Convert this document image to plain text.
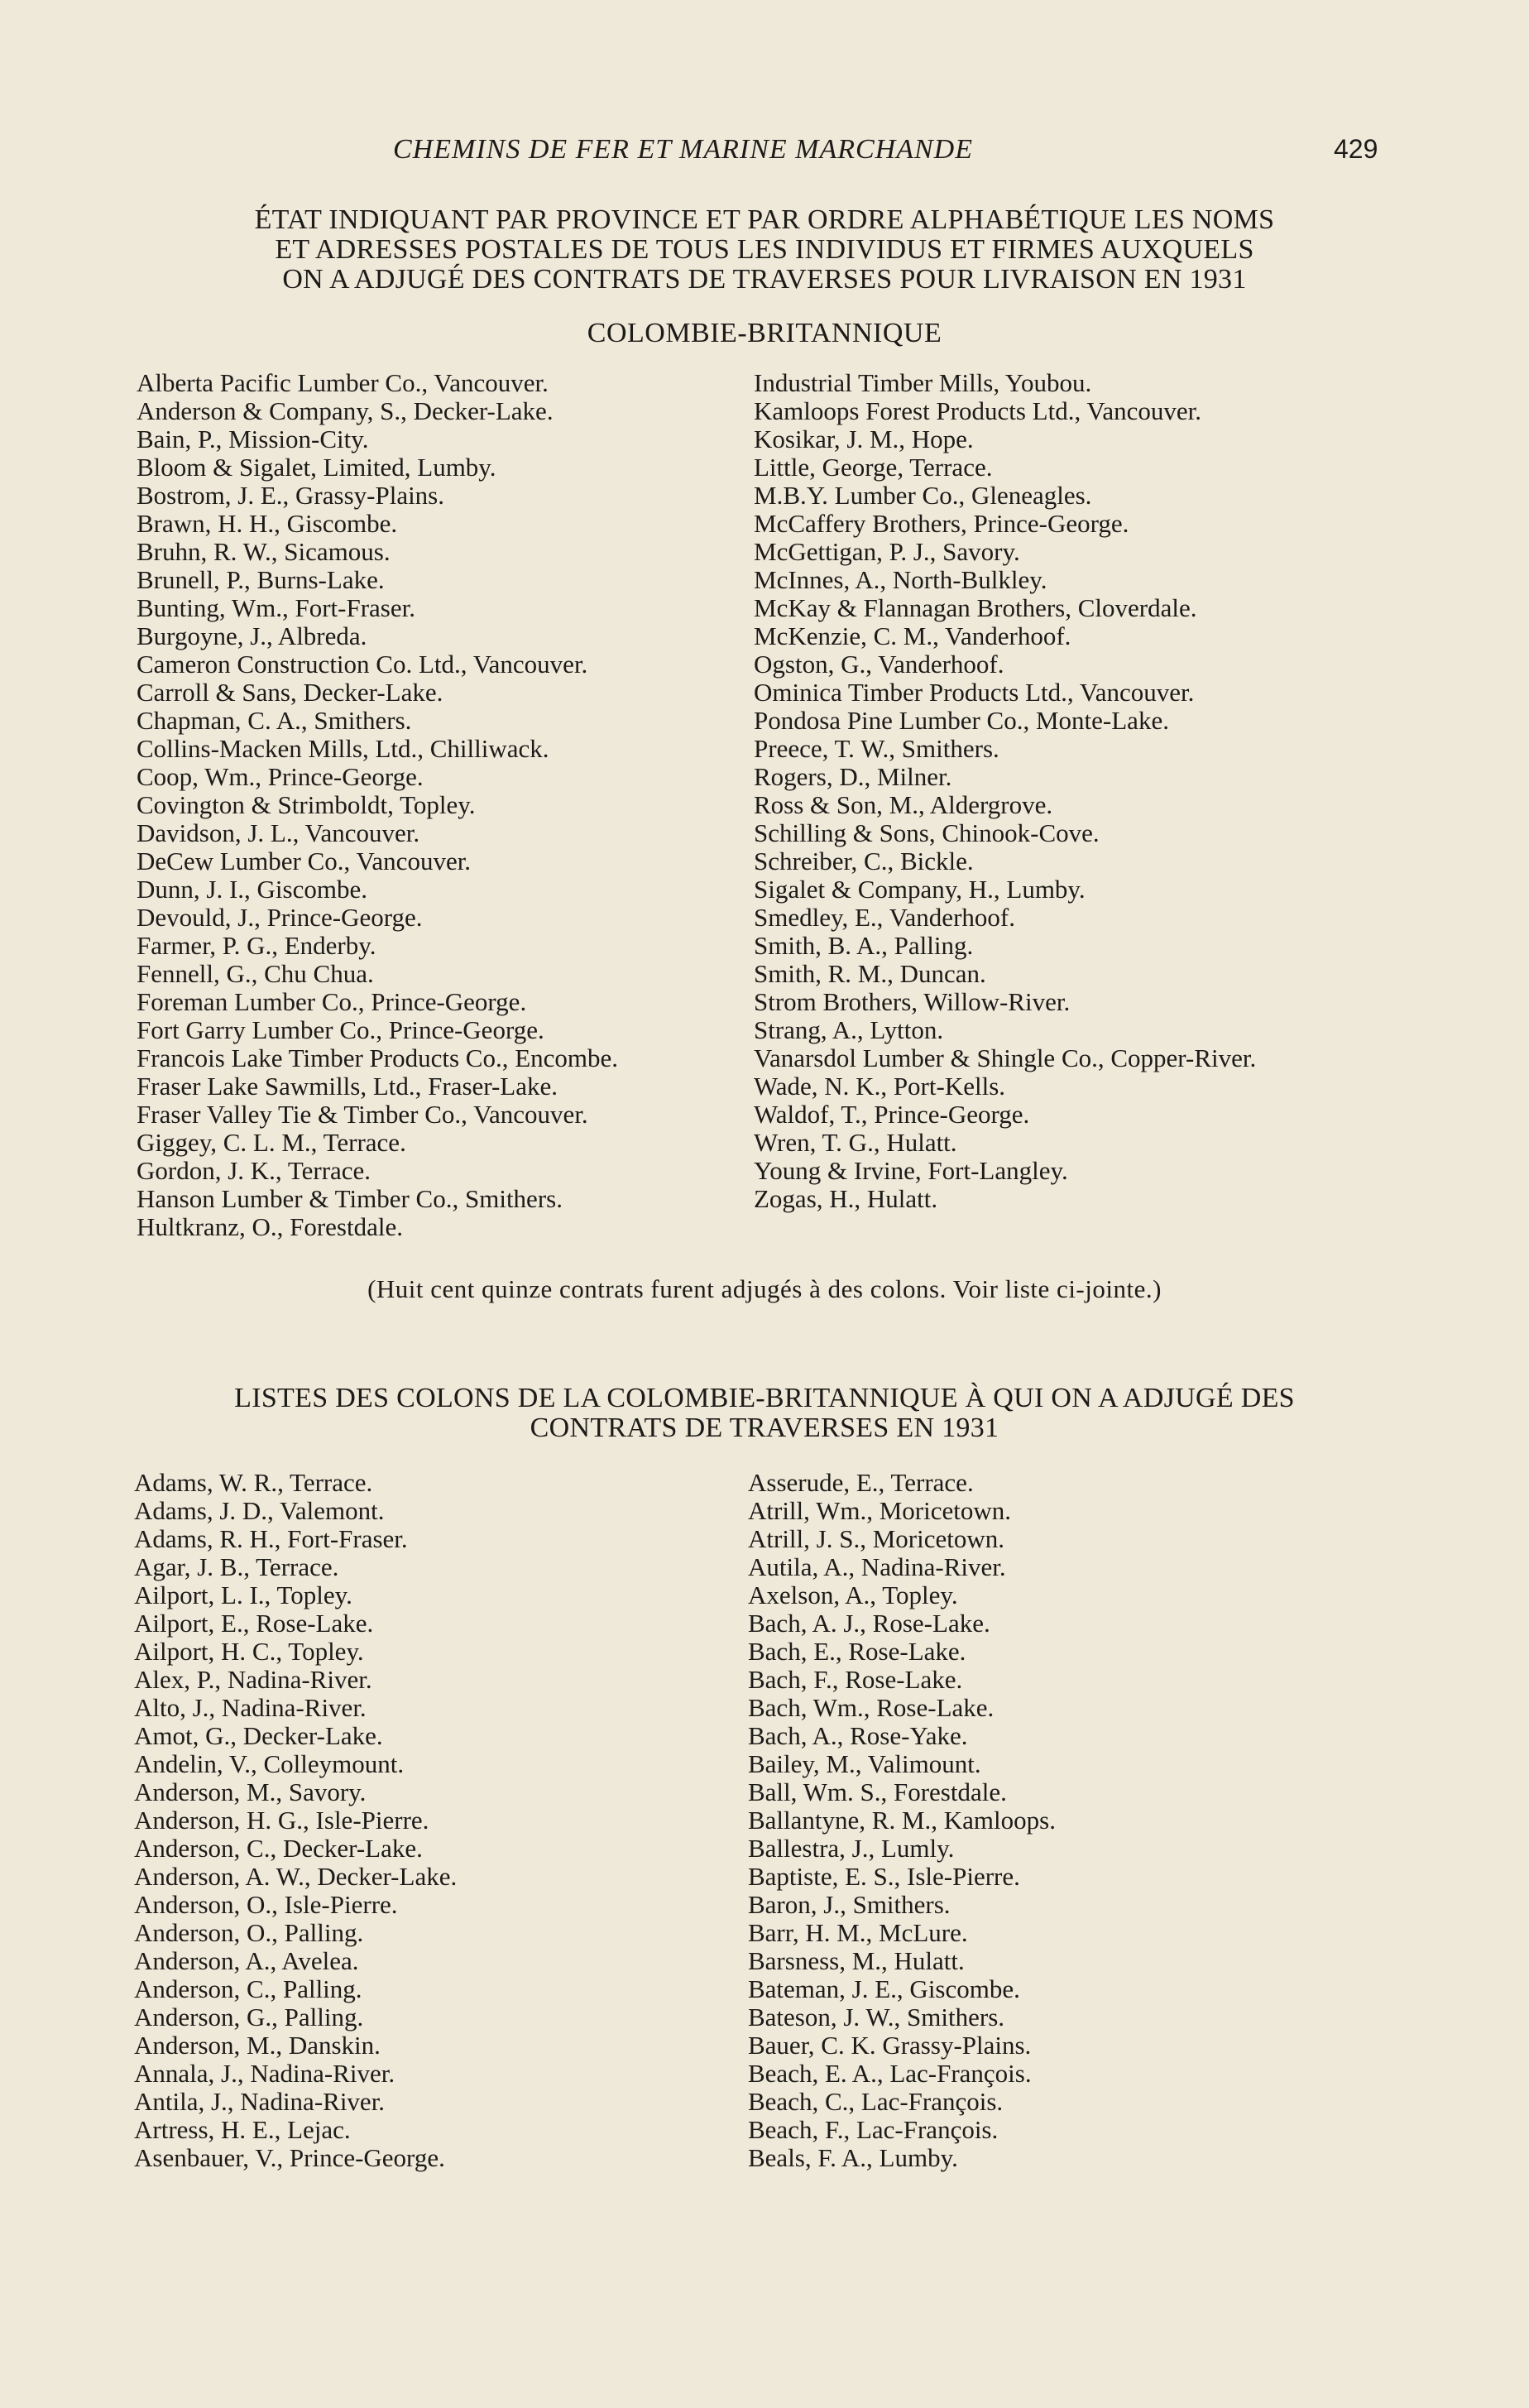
CHEMINS DE FER ET MARINE MARCHANDE	429
ÉTAT INDIQUANT PAR PROVINCE ET PAR ORDRE ALPHABÉTIQUE LES NOMS
ET ADRESSES POSTALES DE TOUS LES INDIVIDUS ET FIRMES AUXQUELS
ON A ADJUGÉ DES CONTRATS DE TRAVERSES POUR LIVRAISON EN 1931
COLOMBIE-BRITANNIQUE
Alberta Pacific Lumber Co., Vancouver.
Anderson & Company, S., Decker-Lake.
Bain, P., Mission-City.
Bloom & Sigalet, Limited, Lumby.
Bostrom, J. E., Grassy-Plains.
Brawn, H. H., Giscombe.
Bruhn, R. W., Sicamous.
Brunell, P., Burns-Lake.
Bunting, Wm., Fort-Fraser.
Burgoyne, J., Albreda.
Cameron Construction Co. Ltd., Vancouver.
Carroll & Sans, Decker-Lake.
Chapman, C. A., Smithers.
Collins-Macken Mills, Ltd., Chilliwack.
Coop, Wm., Prince-George.
Covington & Strimboldt, Topley.
Davidson, J. L., Vancouver.
DeCew Lumber Co., Vancouver.
Dunn, J. I., Giscombe.
Devould, J., Prince-George.
Farmer, P. G., Enderby.
Fennell, G., Chu Chua.
Foreman Lumber Co., Prince-George.
Fort Garry Lumber Co., Prince-George.
Francois Lake Timber Products Co., Encombe.
Fraser Lake Sawmills, Ltd., Fraser-Lake.
Fraser Valley Tie & Timber Co., Vancouver.
Giggey, C. L. M., Terrace.
Gordon, J. K., Terrace.
Hanson Lumber & Timber Co., Smithers.
Hultkranz, O., Forestdale.
Industrial Timber Mills, Youbou.
Kamloops Forest Products Ltd., Vancouver.
Kosikar, J. M., Hope.
Little, George, Terrace.
M.B.Y. Lumber Co., Gleneagles.
McCaffery Brothers, Prince-George.
McGettigan, P. J., Savory.
McInnes, A., North-Bulkley.
McKay & Flannagan Brothers, Cloverdale.
McKenzie, C. M., Vanderhoof.
Ogston, G., Vanderhoof.
Ominica Timber Products Ltd., Vancouver.
Pondosa Pine Lumber Co., Monte-Lake.
Preece, T. W., Smithers.
Rogers, D., Milner.
Ross & Son, M., Aldergrove.
Schilling & Sons, Chinook-Cove.
Schreiber, C., Bickle.
Sigalet & Company, H., Lumby.
Smedley, E., Vanderhoof.
Smith, B. A., Palling.
Smith, R. M., Duncan.
Strom Brothers, Willow-River.
Strang, A., Lytton.
Vanarsdol Lumber & Shingle Co., Copper-River.
Wade, N. K., Port-Kells.
Waldof, T., Prince-George.
Wren, T. G., Hulatt.
Young & Irvine, Fort-Langley.
Zogas, H., Hulatt.
(Huit cent quinze contrats furent adjugés à des colons. Voir liste ci-jointe.)
LISTES DES COLONS DE LA COLOMBIE-BRITANNIQUE À QUI ON A ADJUGÉ DES
CONTRATS DE TRAVERSES EN 1931
Adams, W. R., Terrace.
Adams, J. D., Valemont.
Adams, R. H., Fort-Fraser.
Agar, J. B., Terrace.
Ailport, L. I., Topley.
Ailport, E., Rose-Lake.
Ailport, H. C., Topley.
Alex, P., Nadina-River.
Alto, J., Nadina-River.
Amot, G., Decker-Lake.
Andelin, V., Colleymount.
Anderson, M., Savory.
Anderson, H. G., Isle-Pierre.
Anderson, C., Decker-Lake.
Anderson, A. W., Decker-Lake.
Anderson, O., Isle-Pierre.
Anderson, O., Palling.
Anderson, A., Avelea.
Anderson, C., Palling.
Anderson, G., Palling.
Anderson, M., Danskin.
Annala, J., Nadina-River.
Antila, J., Nadina-River.
Artress, H. E., Lejac.
Asenbauer, V., Prince-George.
Asserude, E., Terrace.
Atrill, Wm., Moricetown.
Atrill, J. S., Moricetown.
Autila, A., Nadina-River.
Axelson, A., Topley.
Bach, A. J., Rose-Lake.
Bach, E., Rose-Lake.
Bach, F., Rose-Lake.
Bach, Wm., Rose-Lake.
Bach, A., Rose-Yake.
Bailey, M., Valimount.
Ball, Wm. S., Forestdale.
Ballantyne, R. M., Kamloops.
Ballestra, J., Lumly.
Baptiste, E. S., Isle-Pierre.
Baron, J., Smithers.
Barr, H. M., McLure.
Barsness, M., Hulatt.
Bateman, J. E., Giscombe.
Bateson, J. W., Smithers.
Bauer, C. K. Grassy-Plains.
Beach, E. A., Lac-François.
Beach, C., Lac-François.
Beach, F., Lac-François.
Beals, F. A., Lumby.
